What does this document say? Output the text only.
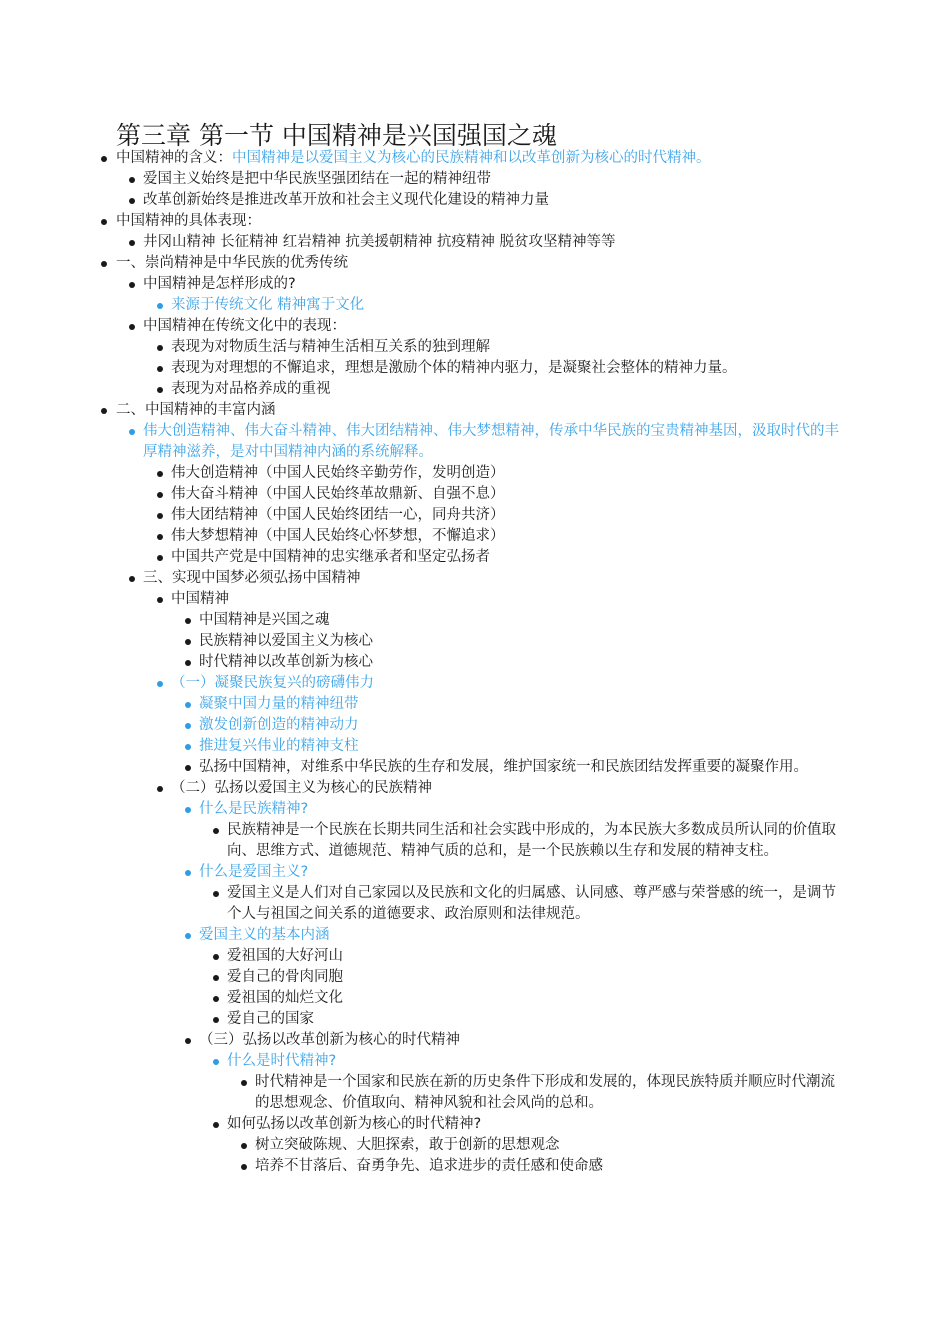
第三章 第一节 中国精神是兴国强国之魂
中国精神的含义：中国精神是以爱国主义为核心的民族精神和以改革创新为核心的时代精神。
爱国主义始终是把中华民族坚强团结在一起的精神纽带
改革创新始终是推进改革开放和社会主义现代化建设的精神力量
中国精神的具体表现：
井冈山精神 长征精神 红岩精神 抗美援朝精神 抗疫精神 脱贫攻坚精神等等
一、崇尚精神是中华民族的优秀传统
中国精神是怎样形成的?
来源于传统文化 精神寓于文化
中国精神在传统文化中的表现：
表现为对物质生活与精神生活相互关系的独到理解
表现为对理想的不懈追求，理想是激励个体的精神内驱力，是凝聚社会整体的精神力量。
表现为对品格养成的重视
二、中国精神的丰富内涵
伟大创造精神、伟大奋斗精神、伟大团结精神、伟大梦想精神，传承中华民族的宝贵精神基因，汲取时代的丰厚精神滋养，是对中国精神内涵的系统解释。
伟大创造精神（中国人民始终辛勤劳作，发明创造）
伟大奋斗精神（中国人民始终革故鼎新、自强不息）
伟大团结精神（中国人民始终团结一心，同舟共济）
伟大梦想精神（中国人民始终心怀梦想，不懈追求）
中国共产党是中国精神的忠实继承者和坚定弘扬者
三、实现中国梦必须弘扬中国精神
中国精神
中国精神是兴国之魂
民族精神以爱国主义为核心
时代精神以改革创新为核心
（一）凝聚民族复兴的磅礴伟力
凝聚中国力量的精神纽带
激发创新创造的精神动力
推进复兴伟业的精神支柱
弘扬中国精神，对维系中华民族的生存和发展，维护国家统一和民族团结发挥重要的凝聚作用。
（二）弘扬以爱国主义为核心的民族精神
什么是民族精神?
民族精神是一个民族在长期共同生活和社会实践中形成的，为本民族大多数成员所认同的价值取向、思维方式、道德规范、精神气质的总和，是一个民族赖以生存和发展的精神支柱。
什么是爱国主义?
爱国主义是人们对自己家园以及民族和文化的归属感、认同感、尊严感与荣誉感的统一，是调节个人与祖国之间关系的道德要求、政治原则和法律规范。
爱国主义的基本内涵
爱祖国的大好河山
爱自己的骨肉同胞
爱祖国的灿烂文化
爱自己的国家
（三）弘扬以改革创新为核心的时代精神
什么是时代精神?
时代精神是一个国家和民族在新的历史条件下形成和发展的，体现民族特质并顺应时代潮流的思想观念、价值取向、精神风貌和社会风尚的总和。
如何弘扬以改革创新为核心的时代精神?
树立突破陈规、大胆探索，敢于创新的思想观念
培养不甘落后、奋勇争先、追求进步的责任感和使命感
